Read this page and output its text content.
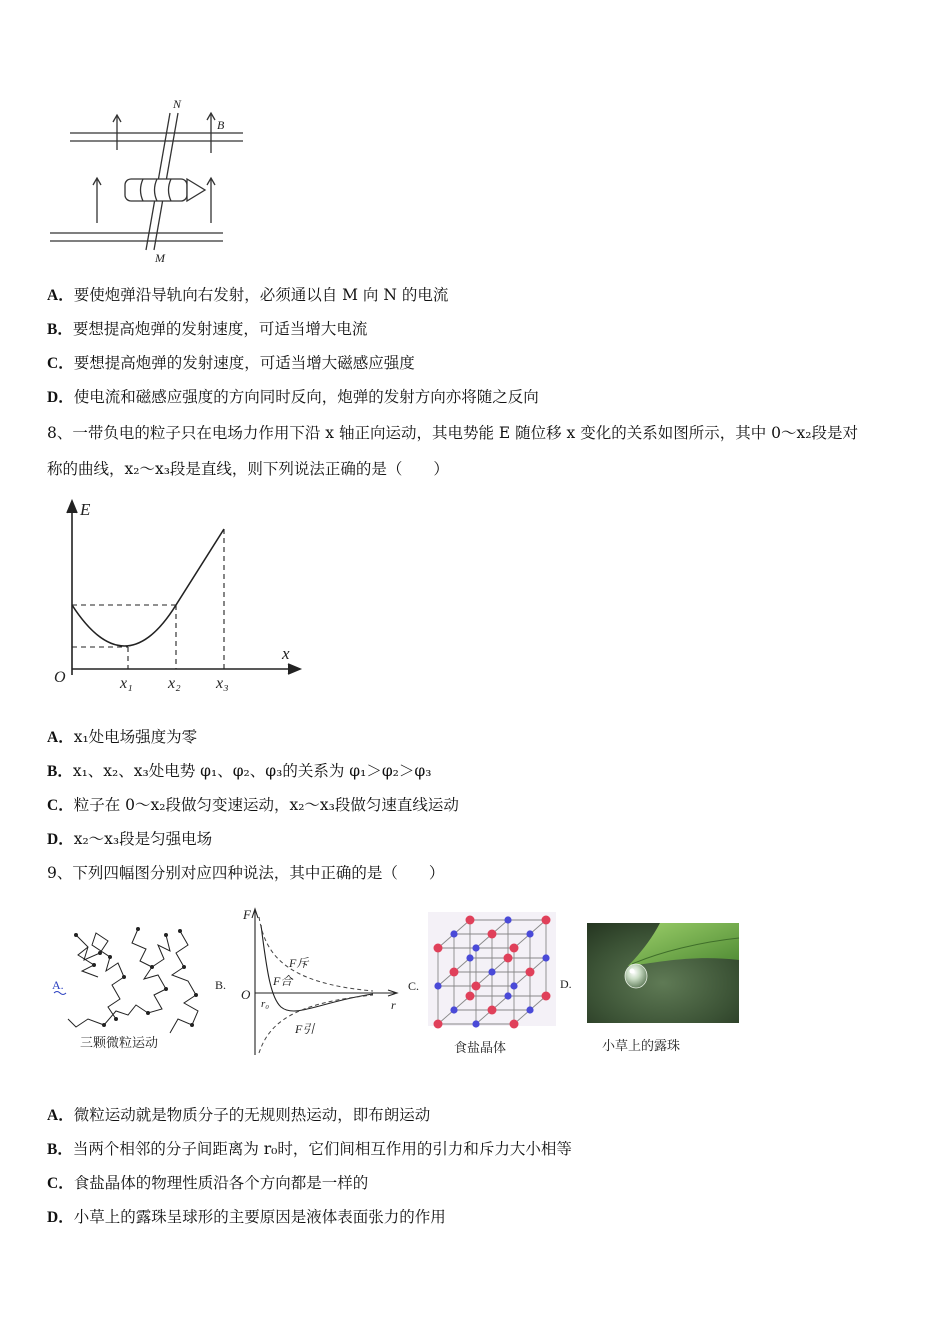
N
B
M
A．要使炮弹沿导轨向右发射，必须通以自 M 向 N 的电流
B．要想提高炮弹的发射速度，可适当增大电流
C．要想提高炮弹的发射速度，可适当增大磁感应强度
D．使电流和磁感应强度的方向同时反向，炮弹的发射方向亦将随之反向
8、一带负电的粒子只在电场力作用下沿 x 轴正向运动，其电势能 E 随位移 x 变化的关系如图所示，其中 0～x₂段是对
称的曲线，x₂～x₃段是直线，则下列说法正确的是（　　）
E
x
O	x₁ x₂ x₃
A．x₁处电场强度为零
B．x₁、x₂、x₃处电势 φ₁、φ₂、φ₃的关系为 φ₁＞φ₂＞φ₃
C．粒子在 0～x₂段做匀变速运动，x₂～x₃段做匀速直线运动
D．x₂～x₃段是匀强电场
9、下列四幅图分别对应四种说法，其中正确的是（　　）
A.
三颗微粒运动
B.
F
O
r₀	r
F斥
F合
F引
C.
食盐晶体
D.
小草上的露珠
A．微粒运动就是物质分子的无规则热运动，即布朗运动
B．当两个相邻的分子间距离为 r₀时，它们间相互作用的引力和斥力大小相等
C．食盐晶体的物理性质沿各个方向都是一样的
D．小草上的露珠呈球形的主要原因是液体表面张力的作用
